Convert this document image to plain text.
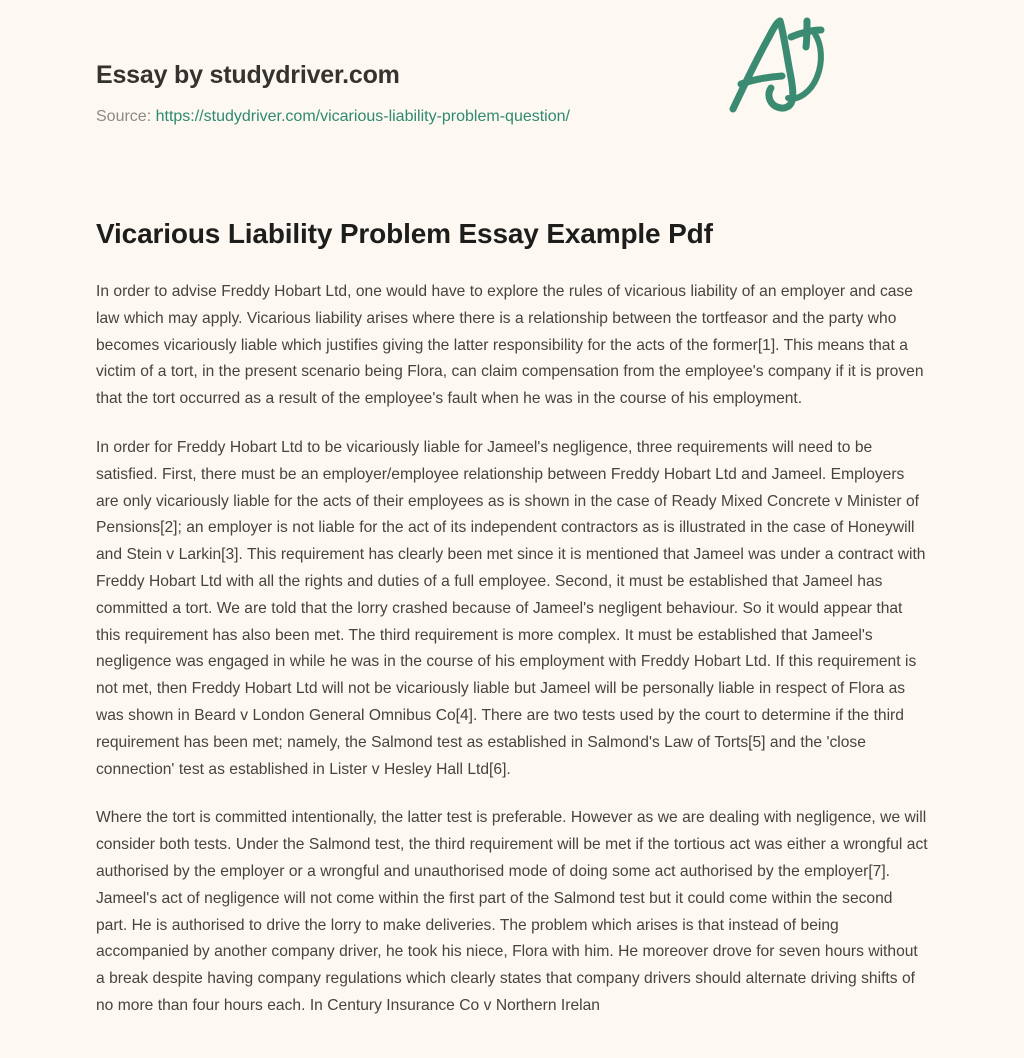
Essay by studydriver.com
Source: https://studydriver.com/vicarious-liability-problem-question/
Vicarious Liability Problem Essay Example Pdf

In order to advise Freddy Hobart Ltd, one would have to explore the rules of vicarious liability of an employer and case law which may apply. Vicarious liability arises where there is a relationship between the tortfeasor and the party who becomes vicariously liable which justifies giving the latter responsibility for the acts of the former[1]. This means that a victim of a tort, in the present scenario being Flora, can claim compensation from the employee's company if it is proven that the tort occurred as a result of the employee's fault when he was in the course of his employment.

In order for Freddy Hobart Ltd to be vicariously liable for Jameel's negligence, three requirements will need to be satisfied. First, there must be an employer/employee relationship between Freddy Hobart Ltd and Jameel. Employers are only vicariously liable for the acts of their employees as is shown in the case of Ready Mixed Concrete v Minister of Pensions[2]; an employer is not liable for the act of its independent contractors as is illustrated in the case of Honeywill and Stein v Larkin[3]. This requirement has clearly been met since it is mentioned that Jameel was under a contract with Freddy Hobart Ltd with all the rights and duties of a full employee. Second, it must be established that Jameel has committed a tort. We are told that the lorry crashed because of Jameel's negligent behaviour. So it would appear that this requirement has also been met. The third requirement is more complex. It must be established that Jameel's negligence was engaged in while he was in the course of his employment with Freddy Hobart Ltd. If this requirement is not met, then Freddy Hobart Ltd will not be vicariously liable but Jameel will be personally liable in respect of Flora as was shown in Beard v London General Omnibus Co[4]. There are two tests used by the court to determine if the third requirement has been met; namely, the Salmond test as established in Salmond's Law of Torts[5] and the 'close connection' test as established in Lister v Hesley Hall Ltd[6].

Where the tort is committed intentionally, the latter test is preferable. However as we are dealing with negligence, we will consider both tests. Under the Salmond test, the third requirement will be met if the tortious act was either a wrongful act authorised by the employer or a wrongful and unauthorised mode of doing some act authorised by the employer[7]. Jameel's act of negligence will not come within the first part of the Salmond test but it could come within the second part. He is authorised to drive the lorry to make deliveries. The problem which arises is that instead of being accompanied by another company driver, he took his niece, Flora with him. He moreover drove for seven hours without a break despite having company regulations which clearly states that company drivers should alternate driving shifts of no more than four hours each. In Century Insurance Co v Northern Irelan
